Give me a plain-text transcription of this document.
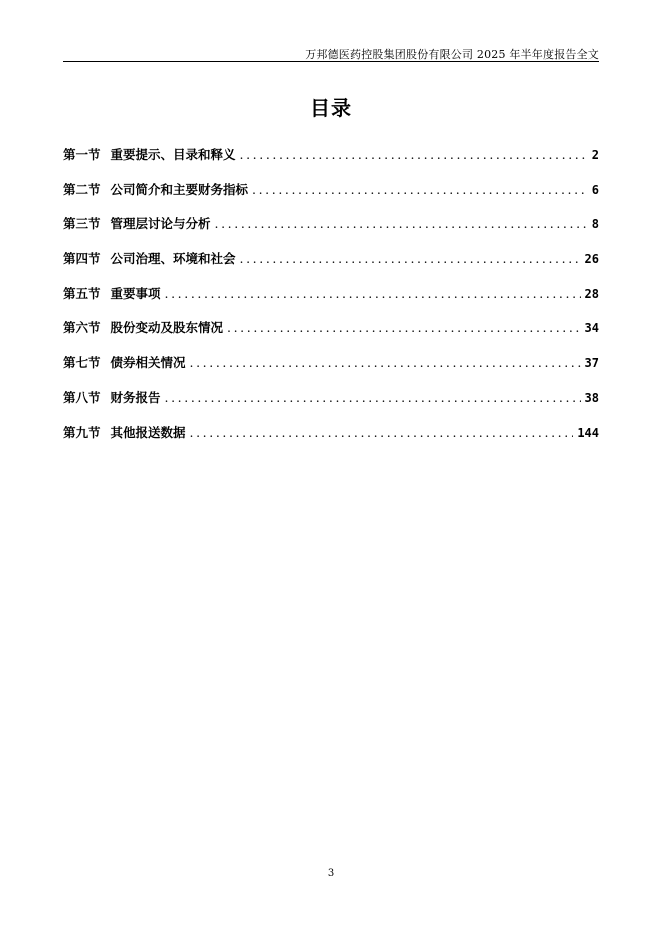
万邦德医药控股集团股份有限公司 2025 年半年度报告全文
目录
第一节 重要提示、目录和释义 .....	2
第二节 公司简介和主要财务指标 .....	6
第三节 管理层讨论与分析 .....	8
第四节 公司治理、环境和社会 .....	26
第五节 重要事项 .....	28
第六节 股份变动及股东情况 .....	34
第七节 债券相关情况 .....	37
第八节 财务报告 .....	38
第九节 其他报送数据 .....	144
3
